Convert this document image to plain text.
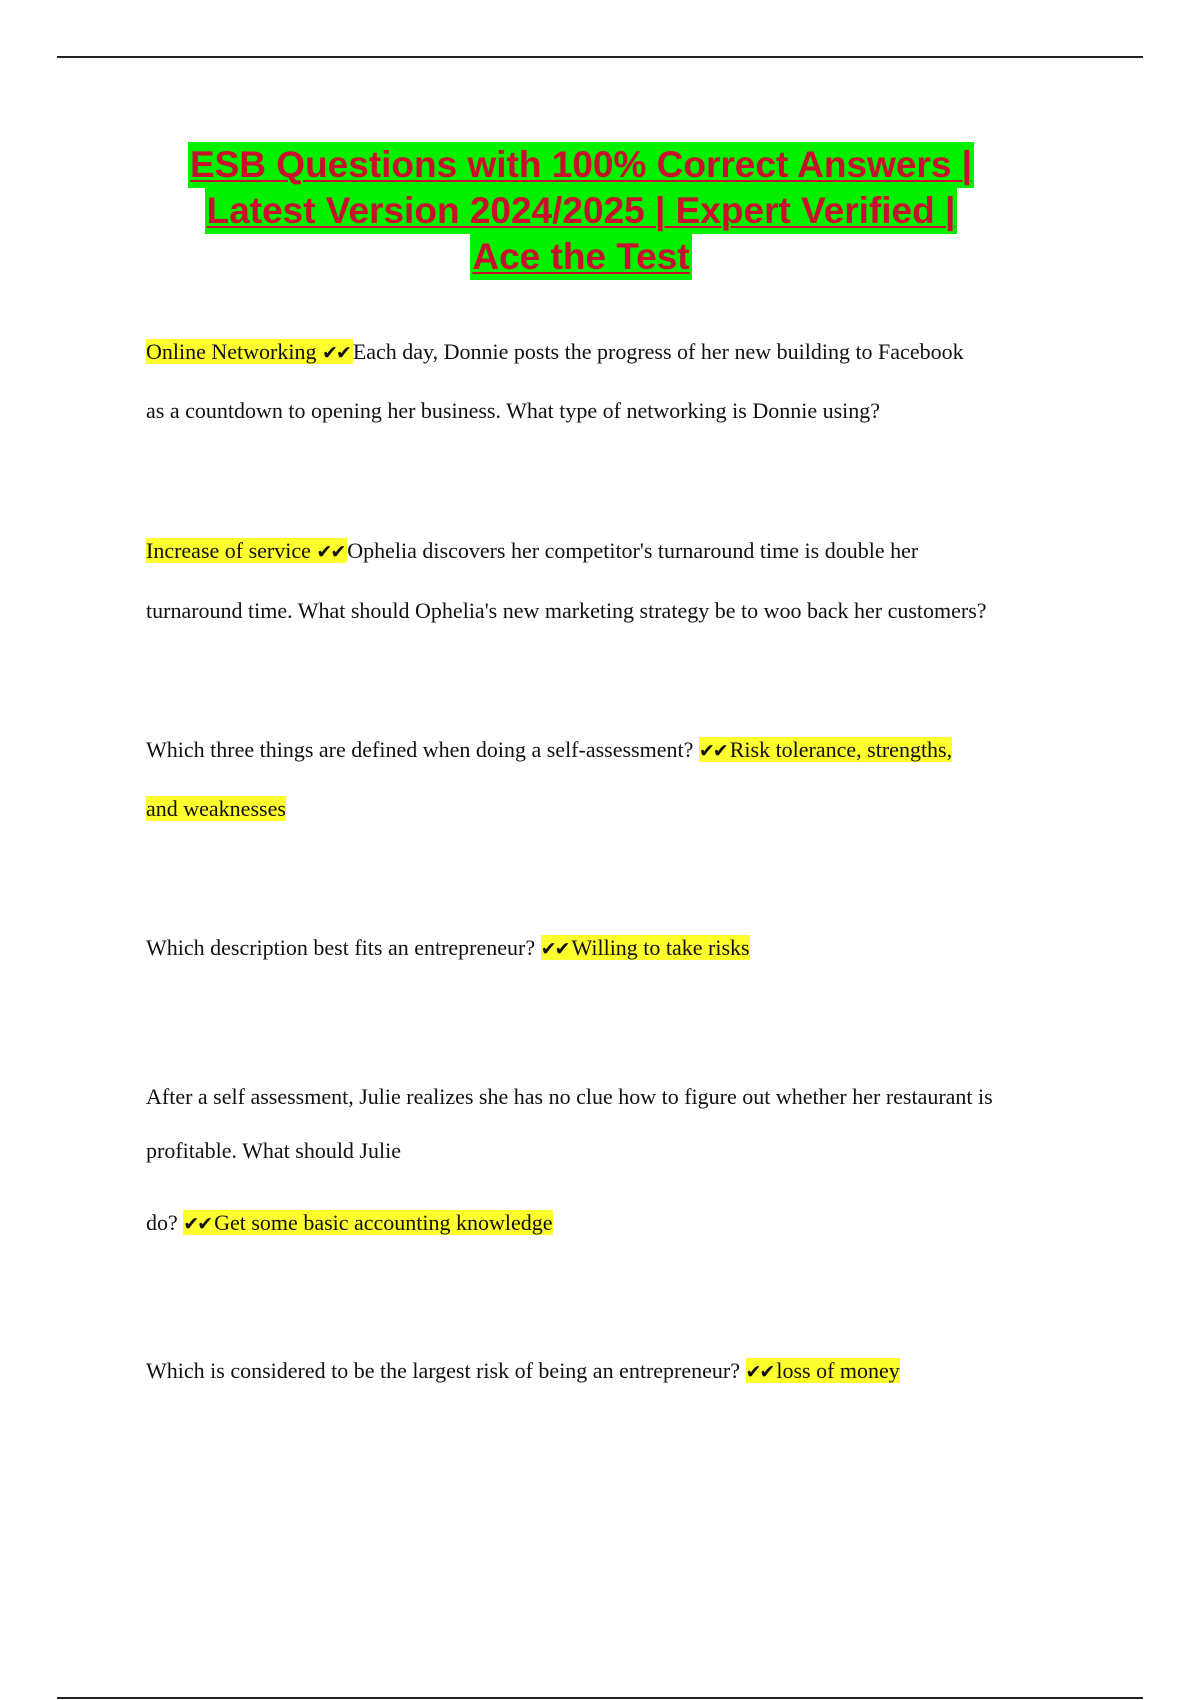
ESB Questions with 100% Correct Answers |
Latest Version 2024/2025 | Expert Verified |
Ace the Test
Online Networking ✔✔ Each day, Donnie posts the progress of her new building to Facebook
as a countdown to opening her business. What type of networking is Donnie using?
Increase of service ✔✔ Ophelia discovers her competitor's turnaround time is double her
turnaround time. What should Ophelia's new marketing strategy be to woo back her customers?
Which three things are defined when doing a self-assessment? ✔✔ Risk tolerance, strengths,
and weaknesses
Which description best fits an entrepreneur? ✔✔ Willing to take risks
After a self assessment, Julie realizes she has no clue how to figure out whether her restaurant is
profitable. What should Julie
do? ✔✔ Get some basic accounting knowledge
Which is considered to be the largest risk of being an entrepreneur? ✔✔ loss of money
